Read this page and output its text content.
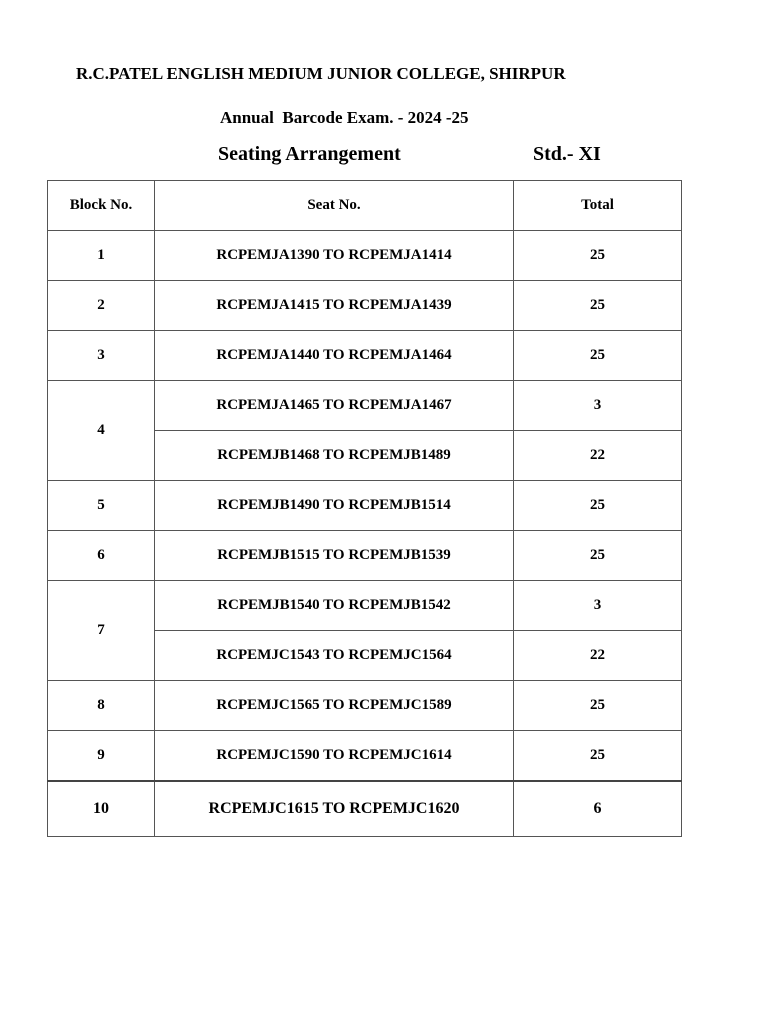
R.C.PATEL ENGLISH MEDIUM JUNIOR COLLEGE, SHIRPUR
Annual  Barcode Exam. - 2024 -25
Seating Arrangement	Std.- XI
Block No.	Seat No.	Total
1	RCPEMJA1390 TO RCPEMJA1414	25
2	RCPEMJA1415 TO RCPEMJA1439	25
3	RCPEMJA1440 TO RCPEMJA1464	25
4	RCPEMJA1465 TO RCPEMJA1467	3
	RCPEMJB1468 TO RCPEMJB1489	22
5	RCPEMJB1490 TO RCPEMJB1514	25
6	RCPEMJB1515 TO RCPEMJB1539	25
7	RCPEMJB1540 TO RCPEMJB1542	3
	RCPEMJC1543 TO RCPEMJC1564	22
8	RCPEMJC1565 TO RCPEMJC1589	25
9	RCPEMJC1590 TO RCPEMJC1614	25
10	RCPEMJC1615 TO RCPEMJC1620	6
